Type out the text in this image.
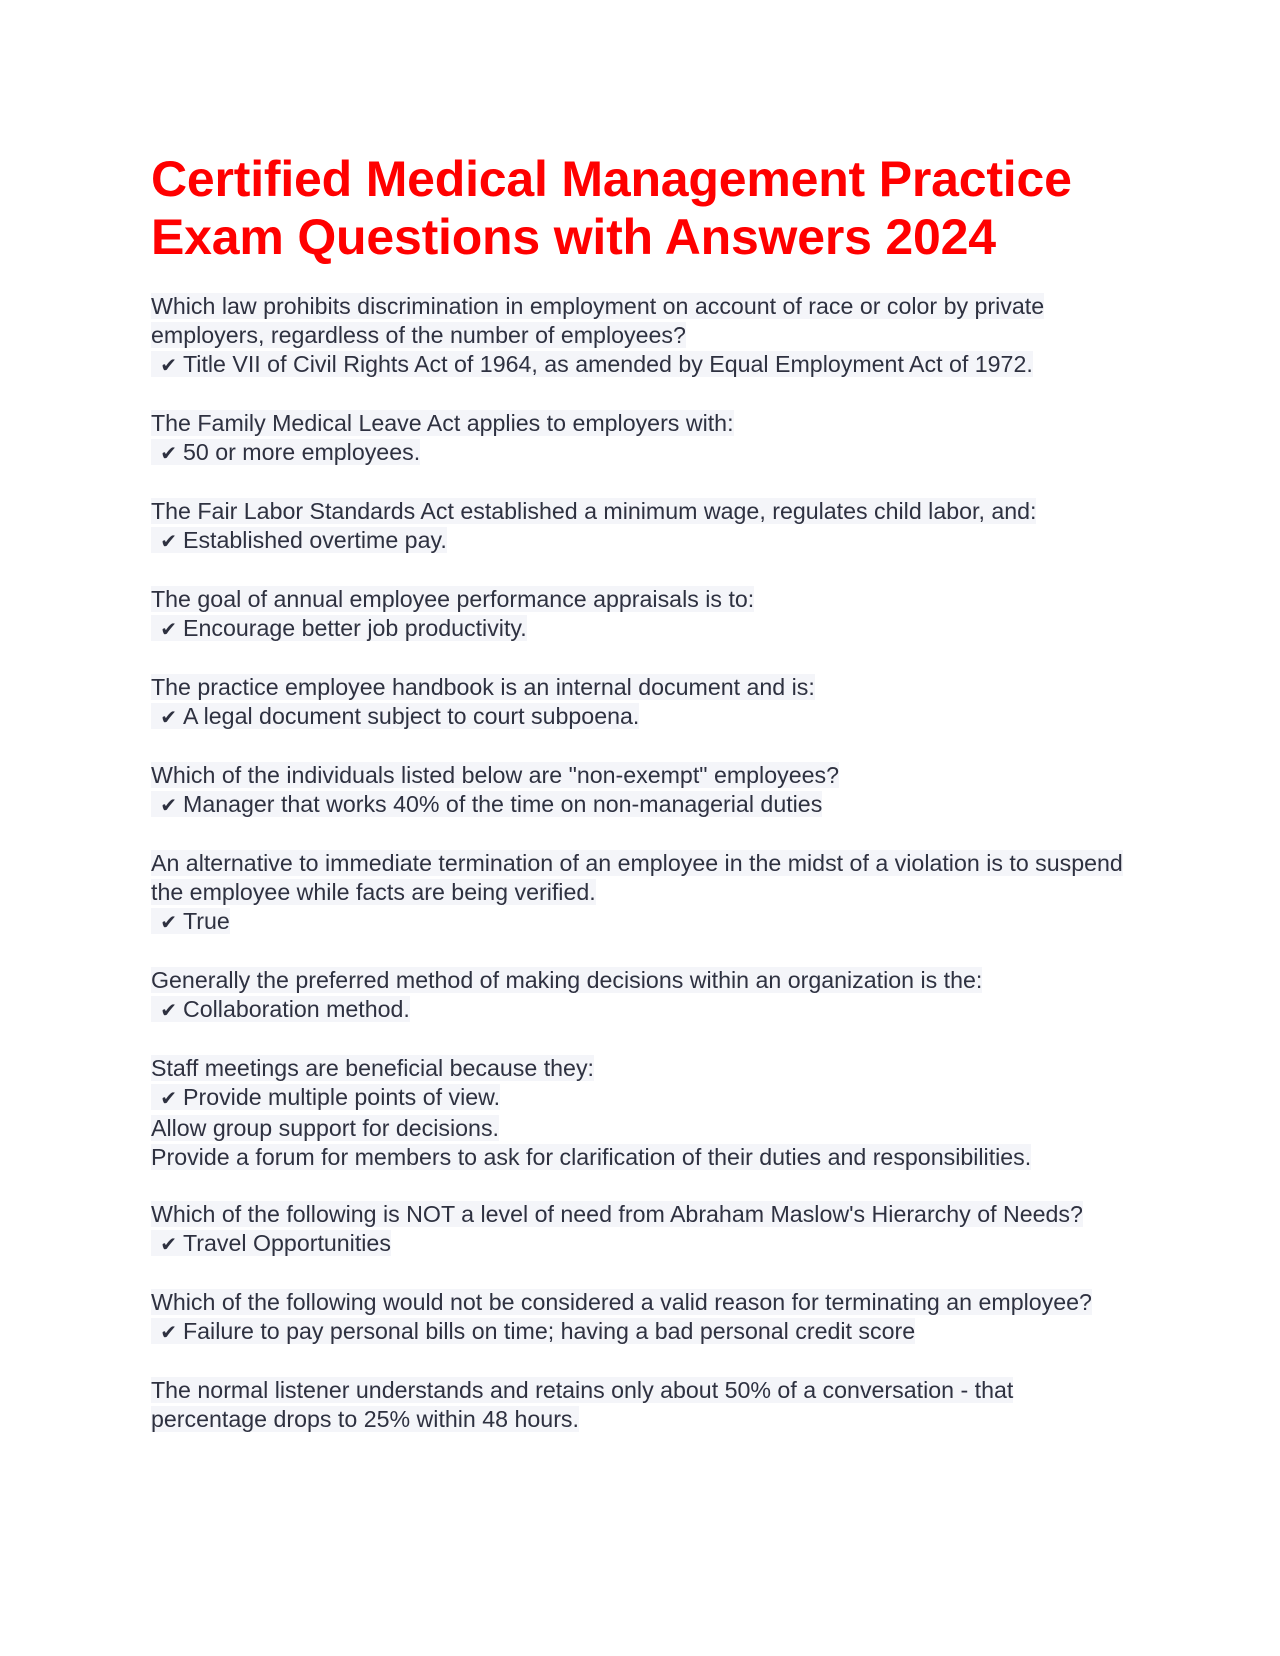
Certified Medical Management Practice
Exam Questions with Answers 2024
Which law prohibits discrimination in employment on account of race or color by private employers, regardless of the number of employees?
✔ Title VII of Civil Rights Act of 1964, as amended by Equal Employment Act of 1972.
The Family Medical Leave Act applies to employers with:
✔ 50 or more employees.
The Fair Labor Standards Act established a minimum wage, regulates child labor, and:
✔ Established overtime pay.
The goal of annual employee performance appraisals is to:
✔ Encourage better job productivity.
The practice employee handbook is an internal document and is:
✔ A legal document subject to court subpoena.
Which of the individuals listed below are "non-exempt" employees?
✔ Manager that works 40% of the time on non-managerial duties
An alternative to immediate termination of an employee in the midst of a violation is to suspend the employee while facts are being verified.
✔ True
Generally the preferred method of making decisions within an organization is the:
✔ Collaboration method.
Staff meetings are beneficial because they:
✔ Provide multiple points of view.
Allow group support for decisions.
Provide a forum for members to ask for clarification of their duties and responsibilities.
Which of the following is NOT a level of need from Abraham Maslow's Hierarchy of Needs?
✔ Travel Opportunities
Which of the following would not be considered a valid reason for terminating an employee?
✔ Failure to pay personal bills on time; having a bad personal credit score
The normal listener understands and retains only about 50% of a conversation - that percentage drops to 25% within 48 hours.
